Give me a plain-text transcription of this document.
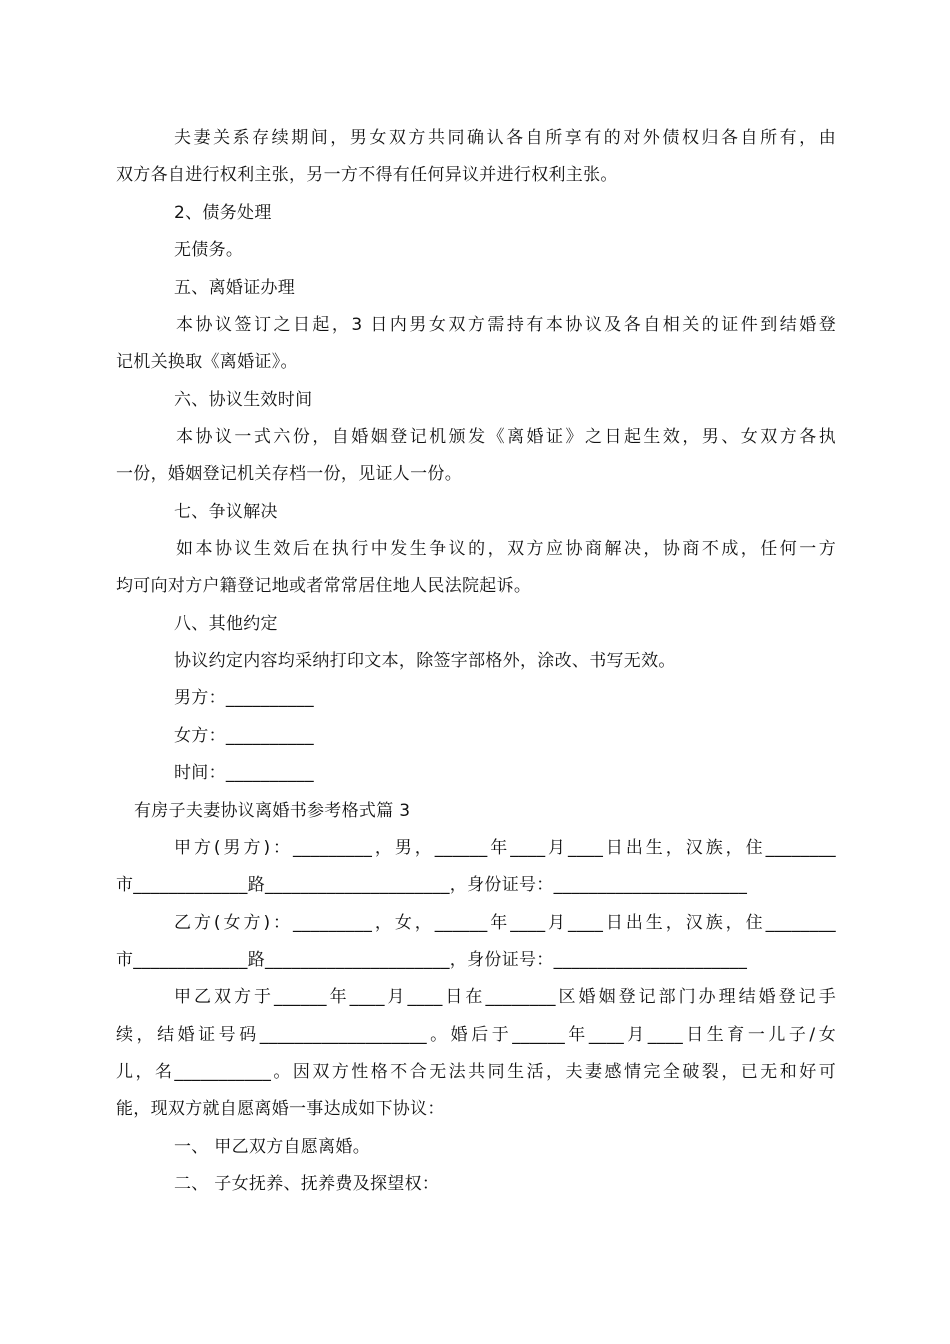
夫妻关系存续期间，男女双方共同确认各自所享有的对外债权归各自所有，由
双方各自进行权利主张，另一方不得有任何异议并进行权利主张。
2、债务处理
无债务。
五、离婚证办理
本协议签订之日起，3 日内男女双方需持有本协议及各自相关的证件到结婚登
记机关换取《离婚证》。
六、协议生效时间
本协议一式六份，自婚姻登记机颁发《离婚证》之日起生效，男、女双方各执
一份，婚姻登记机关存档一份，见证人一份。
七、争议解决
如本协议生效后在执行中发生争议的，双方应协商解决，协商不成，任何一方
均可向对方户籍登记地或者常常居住地人民法院起诉。
八、其他约定
协议约定内容均采纳打印文本，除签字部格外，涂改、书写无效。
男方：__________
女方：__________
时间：__________
有房子夫妻协议离婚书参考格式篇 3
甲方(男方)：_________，男，______年____月____日出生，汉族，住________
市_____________路_____________________，身份证号：______________________
乙方(女方)：_________，女，______年____月____日出生，汉族，住________
市_____________路_____________________，身份证号：______________________
甲乙双方于______年____月____日在________区婚姻登记部门办理结婚登记手
续，结婚证号码___________________。婚后于______年____月____日生育一儿子/女
儿，名___________。因双方性格不合无法共同生活，夫妻感情完全破裂，已无和好可
能，现双方就自愿离婚一事达成如下协议：
一、 甲乙双方自愿离婚。
二、 子女抚养、抚养费及探望权：
